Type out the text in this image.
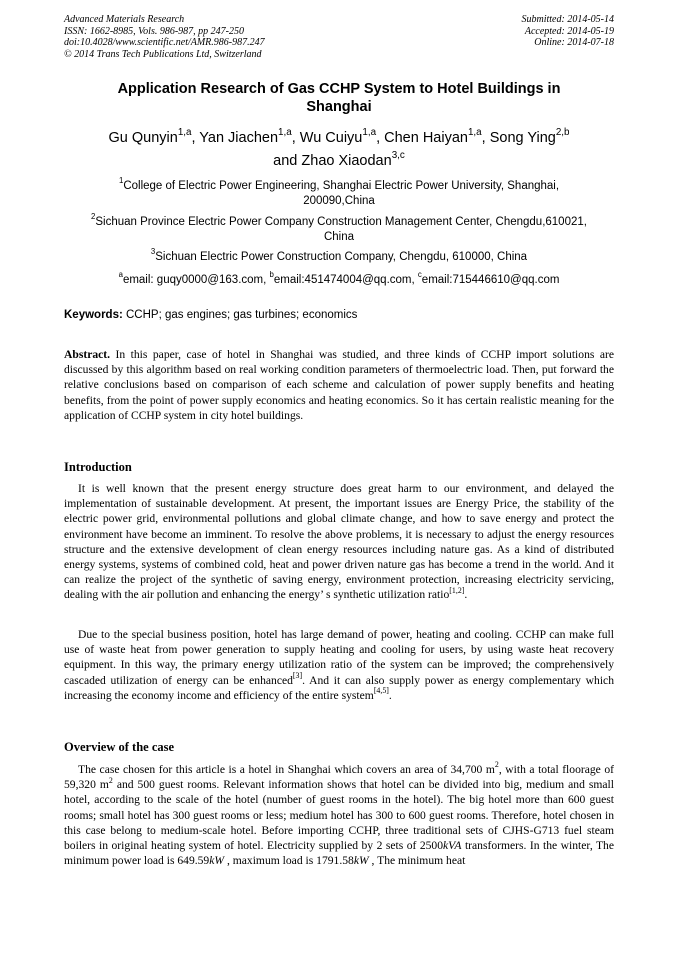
Advanced Materials Research
ISSN: 1662-8985, Vols. 986-987, pp 247-250
doi:10.4028/www.scientific.net/AMR.986-987.247
© 2014 Trans Tech Publications Ltd, Switzerland
Submitted: 2014-05-14
Accepted: 2014-05-19
Online: 2014-07-18
Application Research of Gas CCHP System to Hotel Buildings in
Shanghai
Gu Qunyin$^{1,a}$, Yan Jiachen$^{1,a}$, Wu Cuiyu$^{1,a}$, Chen Haiyan$^{1,a}$, Song Ying$^{2,b}$
and Zhao Xiaodan$^{3,c}$
$^1$College of Electric Power Engineering, Shanghai Electric Power University, Shanghai,
200090,China
$^2$Sichuan Province Electric Power Company Construction Management Center, Chengdu,610021,
China
$^3$Sichuan Electric Power Construction Company, Chengdu, 610000, China
$^a$email: guqy0000@163.com, $^b$email:451474004@qq.com, $^c$email:715446610@qq.com
Keywords: CCHP; gas engines; gas turbines; economics
Abstract. In this paper, case of hotel in Shanghai was studied, and three kinds of CCHP import solutions are discussed by this algorithm based on real working condition parameters of thermoelectric load. Then, put forward the relative conclusions based on comparison of each scheme and calculation of power supply benefits and heating benefits, from the point of power supply economics and heating economics. So it has certain realistic meaning for the application of CCHP system in city hotel buildings.
Introduction
It is well known that the present energy structure does great harm to our environment, and delayed the implementation of sustainable development. At present, the important issues are Energy Price, the stability of the electric power grid, environmental pollutions and global climate change, and how to save energy and protect the environment have become an imminent. To resolve the above problems, it is necessary to adjust the energy resources structure and the extensive development of clean energy resources including nature gas. As a kind of distributed energy systems, systems of combined cold, heat and power driven nature gas has become a trend in the world. And it can realize the project of the synthetic of saving energy, environment protection, increasing electricity servicing, dealing with the air pollution and enhancing the energy’ s synthetic utilization ratio[1,2].
Due to the special business position, hotel has large demand of power, heating and cooling. CCHP can make full use of waste heat from power generation to supply heating and cooling for users, by using waste heat recovery equipment. In this way, the primary energy utilization ratio of the system can be improved; the comprehensively cascaded utilization of energy can be enhanced[3]. And it can also supply power as energy complementary which increasing the economy income and efficiency of the entire system[4,5].
Overview of the case
The case chosen for this article is a hotel in Shanghai which covers an area of 34,700 $m^2$, with a total floorage of 59,320 $m^2$ and 500 guest rooms. Relevant information shows that hotel can be divided into big, medium and small hotel, according to the scale of the hotel (number of guest rooms in the hotel). The big hotel more than 600 guest rooms; small hotel has 300 guest rooms or less; medium hotel has 300 to 600 guest rooms. Therefore, hotel chosen in this case belong to medium-scale hotel. Before importing CCHP, three traditional sets of CJHS-G713 fuel steam boilers in original heating system of hotel. Electricity supplied by 2 sets of 2500kVA transformers. In the winter, The minimum power load is 649.59kW , maximum load is 1791.58kW , The minimum heat
